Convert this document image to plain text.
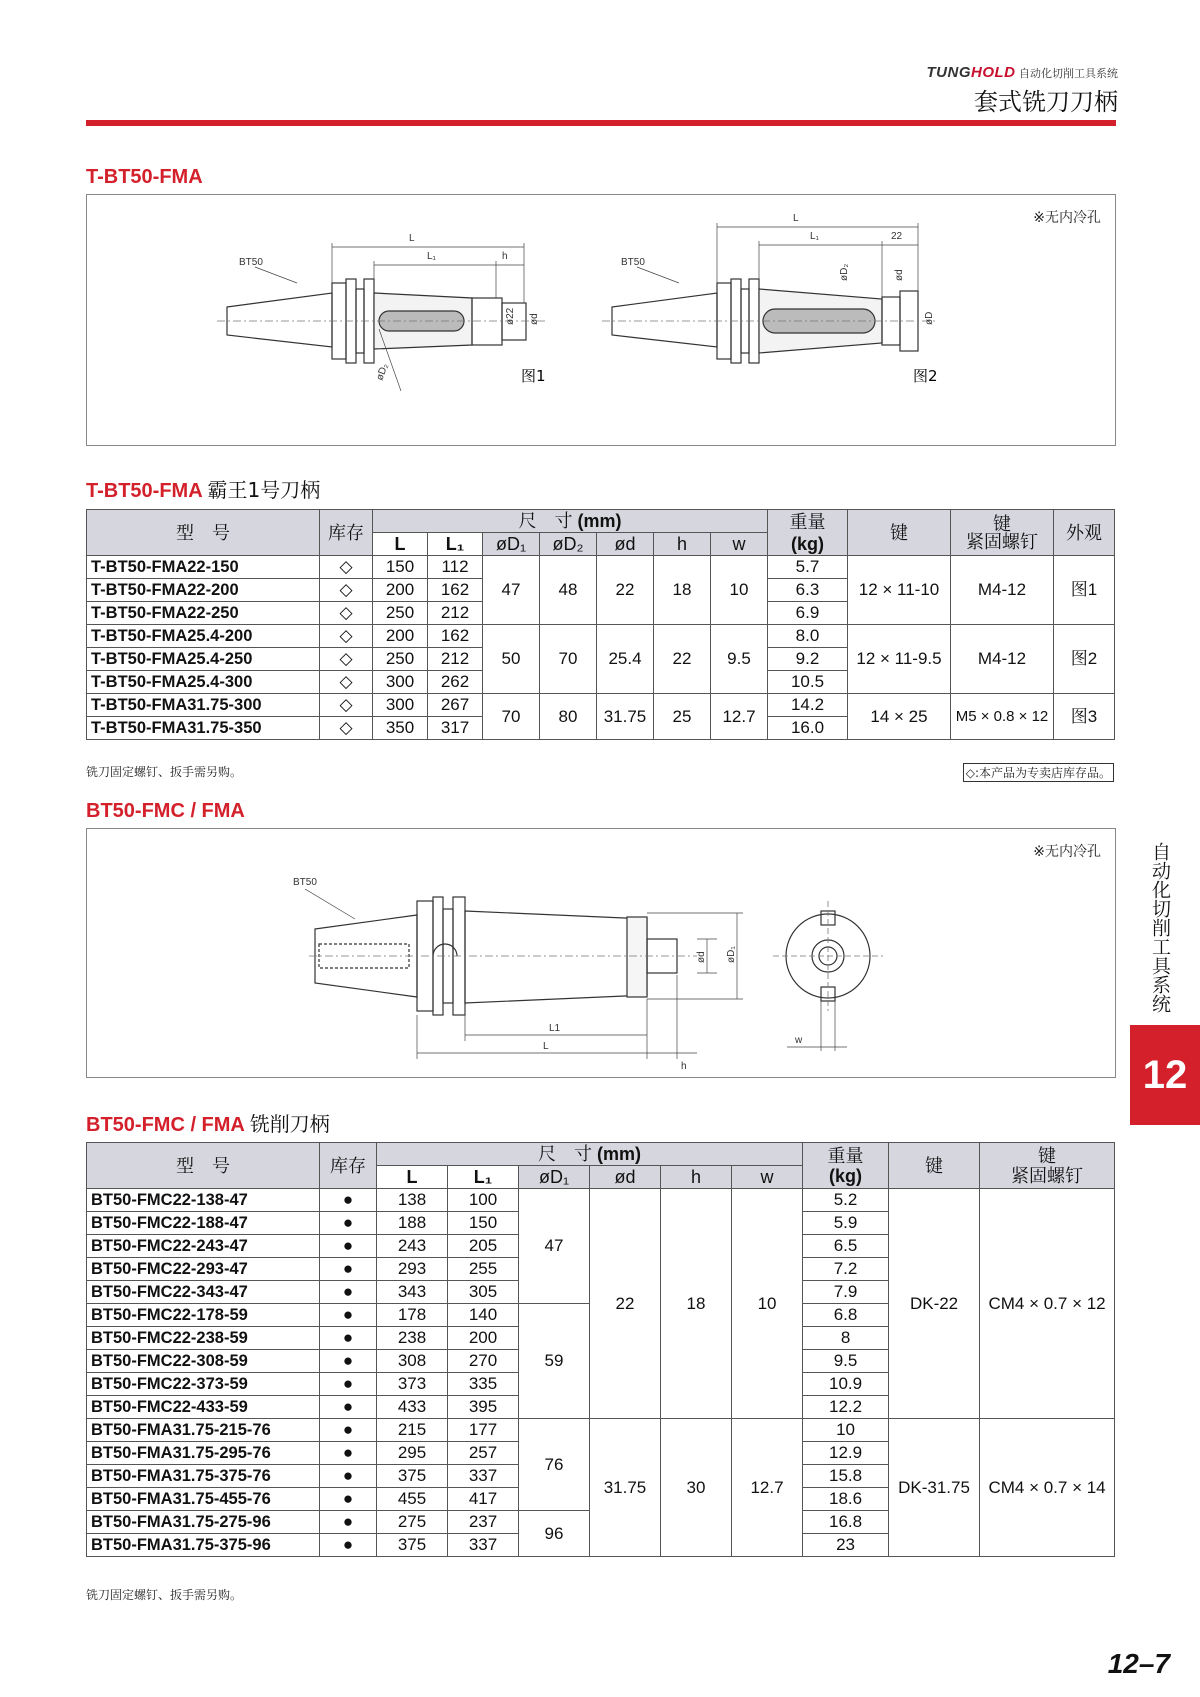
TUNGHOLD 自动化切削工具系统
套式铣刀刀柄
T-BT50-FMA
※无内冷孔
L
L₁	h
BT50
øD₂
ø22 ød
图1
L
L₁	22
BT50
øD₂	ød
øD
图2
T-BT50-FMA 霸王1号刀柄
型　号	库存	尺　寸 (mm)							重量
(kg)	键	键
紧固螺钉	外观
		L	L₁	øD₁	øD₂	ød	h	w				
T-BT50-FMA22-150	◇	150	112	47	48	22	18	10	5.7	12 × 11-10	M4-12	图1
T-BT50-FMA22-200	◇	200	162						6.3			
T-BT50-FMA22-250	◇	250	212						6.9			
T-BT50-FMA25.4-200	◇	200	162	50	70	25.4	22	9.5	8.0	12 × 11-9.5	M4-12	图2
T-BT50-FMA25.4-250	◇	250	212						9.2			
T-BT50-FMA25.4-300	◇	300	262						10.5			
T-BT50-FMA31.75-300	◇	300	267	70	80	31.75	25	12.7	14.2	14 × 25	M5 × 0.8 × 12	图3
T-BT50-FMA31.75-350	◇	350	317						16.0			
铣刀固定螺钉、扳手需另购。	◇:本产品为专卖店库存品。
BT50-FMC / FMA
※无内冷孔
BT50
L1
L
h
ød øD₁
w
BT50-FMC / FMA 铣削刀柄
型　号	库存	尺　寸 (mm)						重量
(kg)	键	键
紧固螺钉
		L	L₁	øD₁	ød	h	w			
BT50-FMC22-138-47	●	138	100	47	22	18	10	5.2	DK-22	CM4 × 0.7 × 12
BT50-FMC22-188-47	●	188	150					5.9		
BT50-FMC22-243-47	●	243	205					6.5		
BT50-FMC22-293-47	●	293	255					7.2		
BT50-FMC22-343-47	●	343	305					7.9		
BT50-FMC22-178-59	●	178	140	59				6.8		
BT50-FMC22-238-59	●	238	200					8		
BT50-FMC22-308-59	●	308	270					9.5		
BT50-FMC22-373-59	●	373	335					10.9		
BT50-FMC22-433-59	●	433	395					12.2		
BT50-FMA31.75-215-76	●	215	177	76	31.75	30	12.7	10	DK-31.75	CM4 × 0.7 × 14
BT50-FMA31.75-295-76	●	295	257					12.9		
BT50-FMA31.75-375-76	●	375	337					15.8		
BT50-FMA31.75-455-76	●	455	417					18.6		
BT50-FMA31.75-275-96	●	275	237	96				16.8		
BT50-FMA31.75-375-96	●	375	337					23		
铣刀固定螺钉、扳手需另购。
自动化切削工具系统
12
12–7
